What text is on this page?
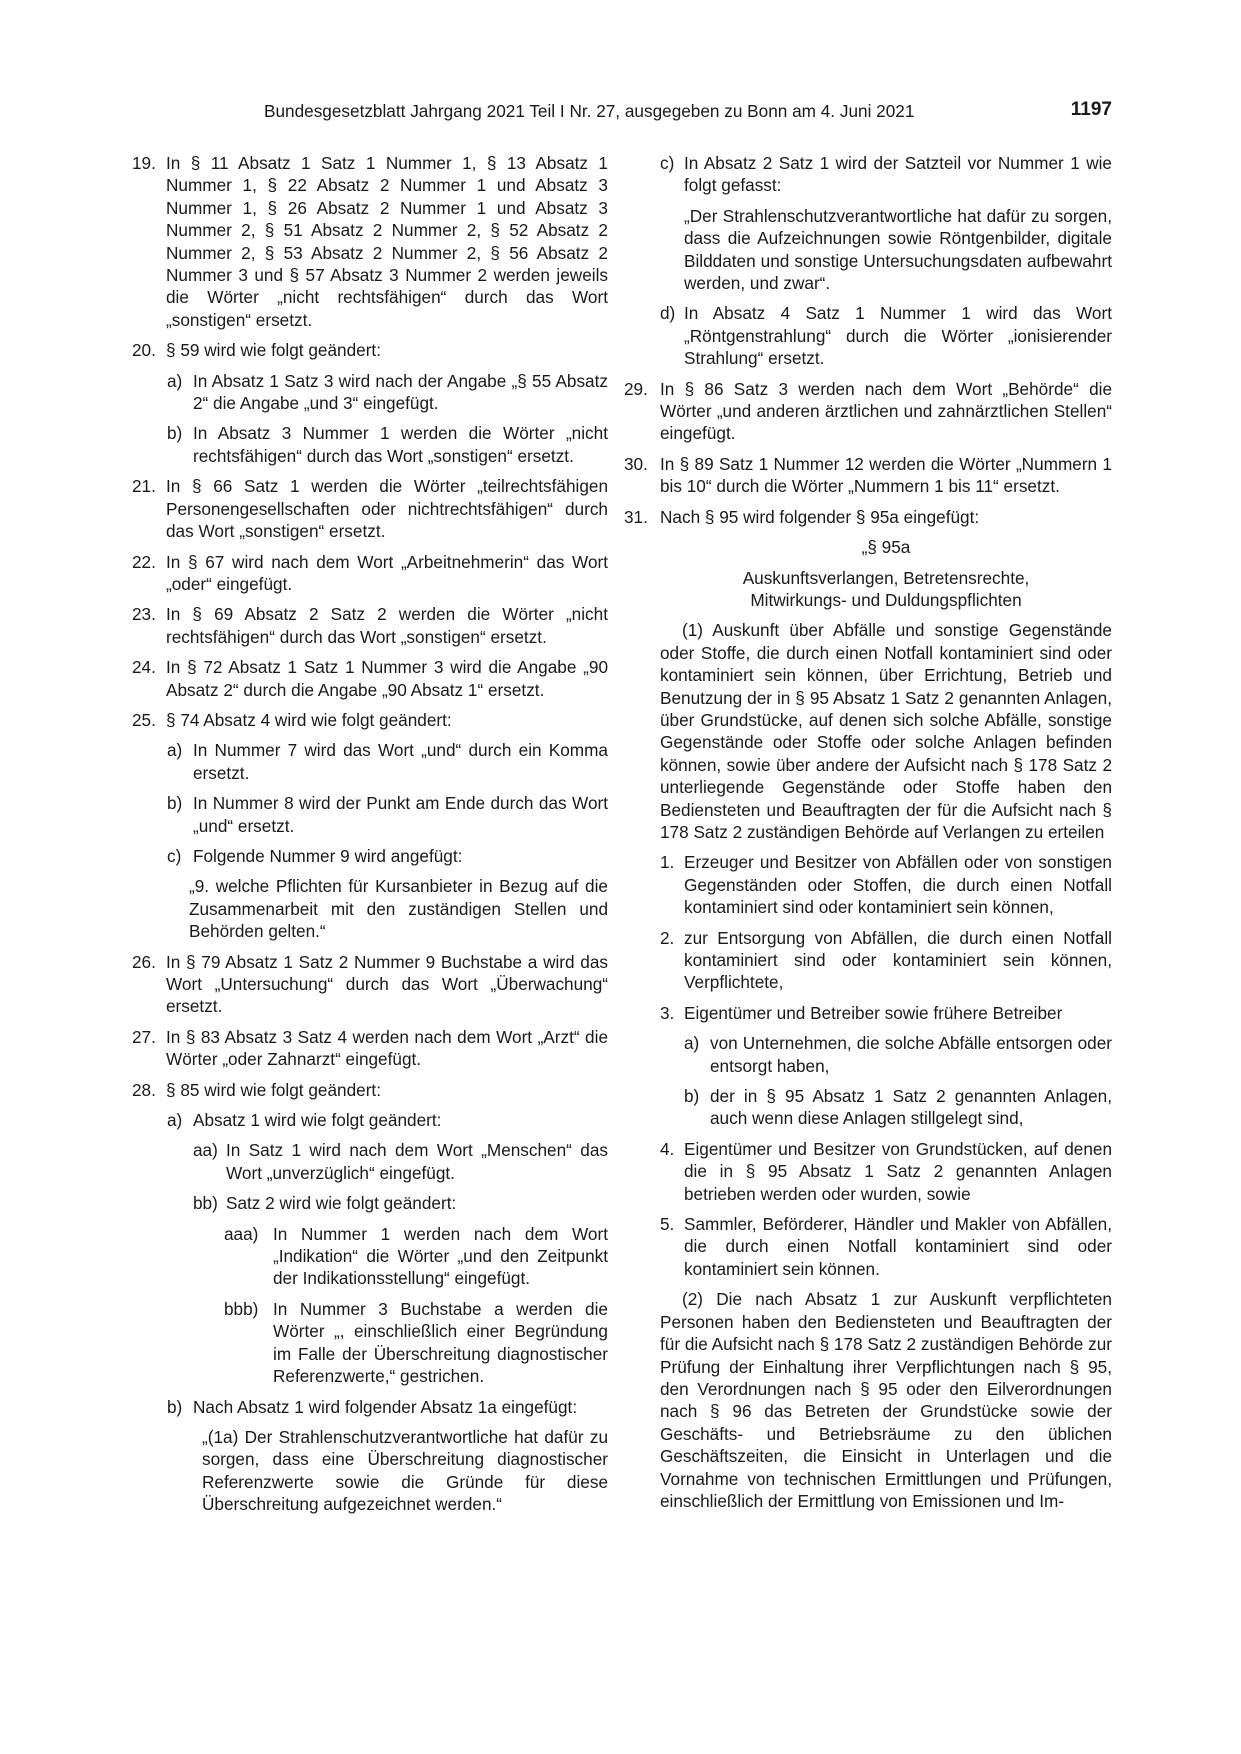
Bundesgesetzblatt Jahrgang 2021 Teil I Nr. 27, ausgegeben zu Bonn am 4. Juni 2021	1197
19. In § 11 Absatz 1 Satz 1 Nummer 1, § 13 Absatz 1 Nummer 1, § 22 Absatz 2 Nummer 1 und Absatz 3 Nummer 1, § 26 Absatz 2 Nummer 1 und Absatz 3 Nummer 2, § 51 Absatz 2 Nummer 2, § 52 Absatz 2 Nummer 2, § 53 Absatz 2 Nummer 2, § 56 Absatz 2 Nummer 3 und § 57 Absatz 3 Nummer 2 werden jeweils die Wörter „nicht rechtsfähigen“ durch das Wort „sonstigen“ ersetzt.
20. § 59 wird wie folgt geändert:
a) In Absatz 1 Satz 3 wird nach der Angabe „§ 55 Absatz 2“ die Angabe „und 3“ eingefügt.
b) In Absatz 3 Nummer 1 werden die Wörter „nicht rechtsfähigen“ durch das Wort „sonstigen“ ersetzt.
21. In § 66 Satz 1 werden die Wörter „teilrechtsfähigen Personengesellschaften oder nichtrechtsfähigen“ durch das Wort „sonstigen“ ersetzt.
22. In § 67 wird nach dem Wort „Arbeitnehmerin“ das Wort „oder“ eingefügt.
23. In § 69 Absatz 2 Satz 2 werden die Wörter „nicht rechtsfähigen“ durch das Wort „sonstigen“ ersetzt.
24. In § 72 Absatz 1 Satz 1 Nummer 3 wird die Angabe „90 Absatz 2“ durch die Angabe „90 Absatz 1“ ersetzt.
25. § 74 Absatz 4 wird wie folgt geändert:
a) In Nummer 7 wird das Wort „und“ durch ein Komma ersetzt.
b) In Nummer 8 wird der Punkt am Ende durch das Wort „und“ ersetzt.
c) Folgende Nummer 9 wird angefügt:
„9. welche Pflichten für Kursanbieter in Bezug auf die Zusammenarbeit mit den zuständigen Stellen und Behörden gelten.“
26. In § 79 Absatz 1 Satz 2 Nummer 9 Buchstabe a wird das Wort „Untersuchung“ durch das Wort „Überwachung“ ersetzt.
27. In § 83 Absatz 3 Satz 4 werden nach dem Wort „Arzt“ die Wörter „oder Zahnarzt“ eingefügt.
28. § 85 wird wie folgt geändert:
a) Absatz 1 wird wie folgt geändert:
aa) In Satz 1 wird nach dem Wort „Menschen“ das Wort „unverzüglich“ eingefügt.
bb) Satz 2 wird wie folgt geändert:
aaa) In Nummer 1 werden nach dem Wort „Indikation“ die Wörter „und den Zeitpunkt der Indikationsstellung“ eingefügt.
bbb) In Nummer 3 Buchstabe a werden die Wörter „, einschließlich einer Begründung im Falle der Überschreitung diagnostischer Referenzwerte,“ gestrichen.
b) Nach Absatz 1 wird folgender Absatz 1a eingefügt:
„(1a) Der Strahlenschutzverantwortliche hat dafür zu sorgen, dass eine Überschreitung diagnostischer Referenzwerte sowie die Gründe für diese Überschreitung aufgezeichnet werden.“
c) In Absatz 2 Satz 1 wird der Satzteil vor Nummer 1 wie folgt gefasst:
„Der Strahlenschutzverantwortliche hat dafür zu sorgen, dass die Aufzeichnungen sowie Röntgenbilder, digitale Bilddaten und sonstige Untersuchungsdaten aufbewahrt werden, und zwar“.
d) In Absatz 4 Satz 1 Nummer 1 wird das Wort „Röntgenstrahlung“ durch die Wörter „ionisierender Strahlung“ ersetzt.
29. In § 86 Satz 3 werden nach dem Wort „Behörde“ die Wörter „und anderen ärztlichen und zahnärztlichen Stellen“ eingefügt.
30. In § 89 Satz 1 Nummer 12 werden die Wörter „Nummern 1 bis 10“ durch die Wörter „Nummern 1 bis 11“ ersetzt.
31. Nach § 95 wird folgender § 95a eingefügt:
„§ 95a
Auskunftsverlangen, Betretensrechte,
Mitwirkungs- und Duldungspflichten
(1) Auskunft über Abfälle und sonstige Gegenstände oder Stoffe, die durch einen Notfall kontaminiert sind oder kontaminiert sein können, über Errichtung, Betrieb und Benutzung der in § 95 Absatz 1 Satz 2 genannten Anlagen, über Grundstücke, auf denen sich solche Abfälle, sonstige Gegenstände oder Stoffe oder solche Anlagen befinden können, sowie über andere der Aufsicht nach § 178 Satz 2 unterliegende Gegenstände oder Stoffe haben den Bediensteten und Beauftragten der für die Aufsicht nach § 178 Satz 2 zuständigen Behörde auf Verlangen zu erteilen
1. Erzeuger und Besitzer von Abfällen oder von sonstigen Gegenständen oder Stoffen, die durch einen Notfall kontaminiert sind oder kontaminiert sein können,
2. zur Entsorgung von Abfällen, die durch einen Notfall kontaminiert sind oder kontaminiert sein können, Verpflichtete,
3. Eigentümer und Betreiber sowie frühere Betreiber
a) von Unternehmen, die solche Abfälle entsorgen oder entsorgt haben,
b) der in § 95 Absatz 1 Satz 2 genannten Anlagen, auch wenn diese Anlagen stillgelegt sind,
4. Eigentümer und Besitzer von Grundstücken, auf denen die in § 95 Absatz 1 Satz 2 genannten Anlagen betrieben werden oder wurden, sowie
5. Sammler, Beförderer, Händler und Makler von Abfällen, die durch einen Notfall kontaminiert sind oder kontaminiert sein können.
(2) Die nach Absatz 1 zur Auskunft verpflichteten Personen haben den Bediensteten und Beauftragten der für die Aufsicht nach § 178 Satz 2 zuständigen Behörde zur Prüfung der Einhaltung ihrer Verpflichtungen nach § 95, den Verordnungen nach § 95 oder den Eilverordnungen nach § 96 das Betreten der Grundstücke sowie der Geschäfts- und Betriebsräume zu den üblichen Geschäftszeiten, die Einsicht in Unterlagen und die Vornahme von technischen Ermittlungen und Prüfungen, einschließlich der Ermittlung von Emissionen und Im-
